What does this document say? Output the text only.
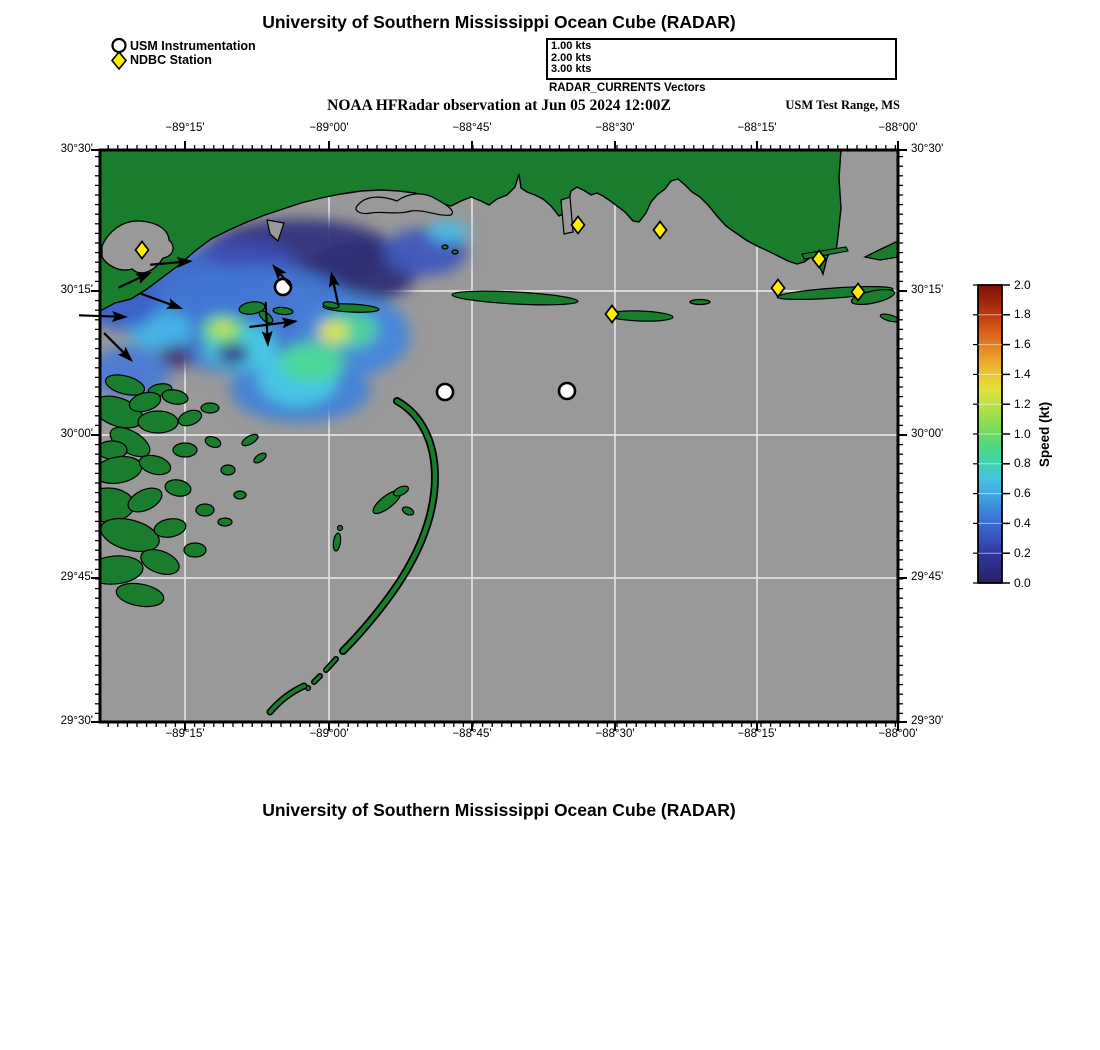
University of Southern Mississippi Ocean Cube (RADAR)
USM Instrumentation
NDBC Station
1.00 kts
2.00 kts
3.00 kts
RADAR_CURRENTS Vectors
NOAA HFRadar observation at Jun 05 2024 12:00Z	USM Test Range, MS
University of Southern Mississippi Ocean Cube (RADAR)
Speed (kt)
−89°15'
−89°15'
−89°00'
−89°00'
−88°45'
−88°45'
−88°30'
−88°30'
−88°15'
−88°15'
−88°00'
−88°00'
30°30'	30°30'
30°15'	30°15'
30°00'	30°00'
29°45'	29°45'
29°30'	29°30'
2.0
1.8
1.6
1.4
1.2
1.0
0.8
0.6
0.4
0.2
0.0
